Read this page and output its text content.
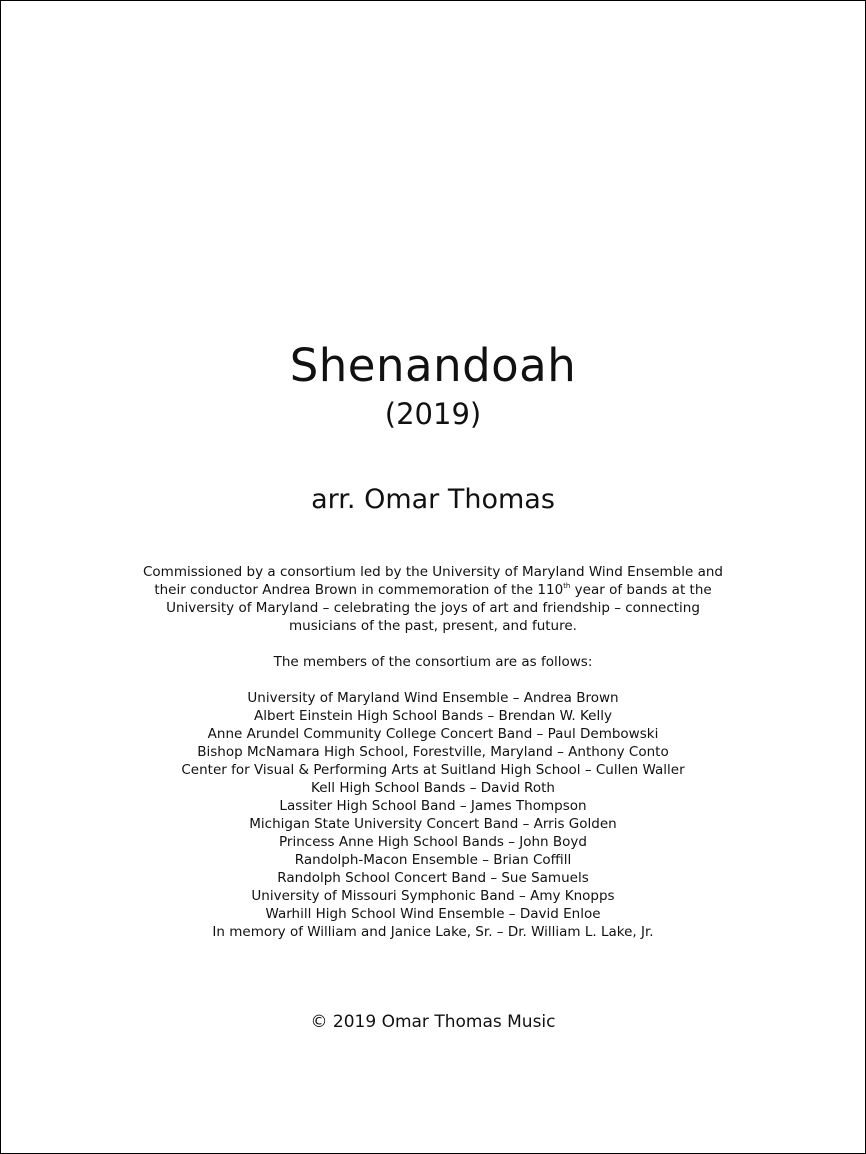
Shenandoah
(2019)
arr. Omar Thomas
Commissioned by a consortium led by the University of Maryland Wind Ensemble and
their conductor Andrea Brown in commemoration of the 110th year of bands at the
University of Maryland – celebrating the joys of art and friendship – connecting
musicians of the past, present, and future.
The members of the consortium are as follows:
University of Maryland Wind Ensemble – Andrea Brown
Albert Einstein High School Bands – Brendan W. Kelly
Anne Arundel Community College Concert Band – Paul Dembowski
Bishop McNamara High School, Forestville, Maryland – Anthony Conto
Center for Visual & Performing Arts at Suitland High School – Cullen Waller
Kell High School Bands – David Roth
Lassiter High School Band – James Thompson
Michigan State University Concert Band – Arris Golden
Princess Anne High School Bands – John Boyd
Randolph-Macon Ensemble – Brian Coffill
Randolph School Concert Band – Sue Samuels
University of Missouri Symphonic Band – Amy Knopps
Warhill High School Wind Ensemble – David Enloe
In memory of William and Janice Lake, Sr. – Dr. William L. Lake, Jr.
© 2019 Omar Thomas Music
